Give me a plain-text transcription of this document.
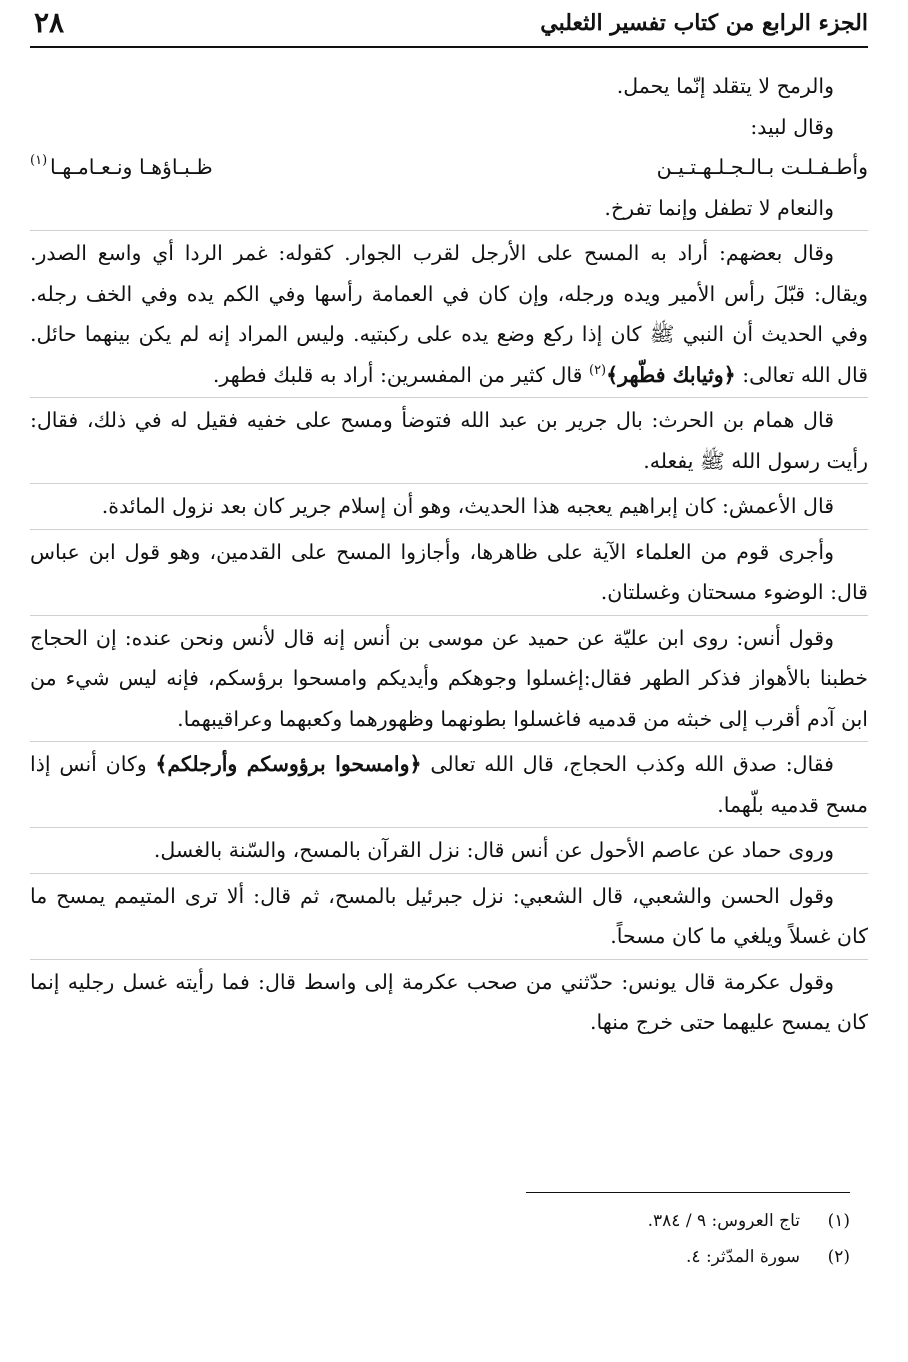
الجزء الرابع من كتاب تفسير الثعلبي
٢٨

والرمح لا يتقلد إنّما يحمل.

وقال لبيد:

وأطـفـلـت بـالـجـلـهـتـيـن
ظـبـاؤهـا ونـعـامـهـا
(١)

والنعام لا تطفل وإنما تفرخ.

وقال بعضهم: أراد به المسح على الأرجل لقرب الجوار. كقوله: غمر الردا أي واسع الصدر. ويقال: قبّلَ رأس الأمير ويده ورجله، وإن كان في العمامة رأسها وفي الكم يده وفي الخف رجله. وفي الحديث أن النبي ﷺ كان إذا ركع وضع يده على ركبتيه. وليس المراد إنه لم يكن بينهما حائل. قال الله تعالى: ﴿وثيابك فطّهر﴾$^{(٢)}$ قال كثير من المفسرين: أراد به قلبك فطهر.

قال همام بن الحرث: بال جرير بن عبد الله فتوضأ ومسح على خفيه فقيل له في ذلك، فقال: رأيت رسول الله ﷺ يفعله.

قال الأعمش: كان إبراهيم يعجبه هذا الحديث، وهو أن إسلام جرير كان بعد نزول المائدة.

وأجرى قوم من العلماء الآية على ظاهرها، وأجازوا المسح على القدمين، وهو قول ابن عباس قال: الوضوء مسحتان وغسلتان.

وقول أنس: روى ابن عليّة عن حميد عن موسى بن أنس إنه قال لأنس ونحن عنده: إن الحجاج خطبنا بالأهواز فذكر الطهر فقال:إغسلوا وجوهكم وأيديكم وامسحوا برؤسكم، فإنه ليس شيء من ابن آدم أقرب إلى خبثه من قدميه فاغسلوا بطونهما وظهورهما وكعبهما وعراقيبهما.

فقال: صدق الله وكذب الحجاج، قال الله تعالى ﴿وامسحوا برؤوسكم وأرجلكم﴾ وكان أنس إذا مسح قدميه بلّهما.

وروى حماد عن عاصم الأحول عن أنس قال: نزل القرآن بالمسح، والسّنة بالغسل.

وقول الحسن والشعبي، قال الشعبي: نزل جبرئيل بالمسح، ثم قال: ألا ترى المتيمم يمسح ما كان غسلاً ويلغي ما كان مسحاً.

وقول عكرمة قال يونس: حدّثني من صحب عكرمة إلى واسط قال: فما رأيته غسل رجليه إنما كان يمسح عليهما حتى خرج منها.

(١)
تاج العروس: ٩ / ٣٨٤.
(٢)
سورة المدّثر: ٤.
